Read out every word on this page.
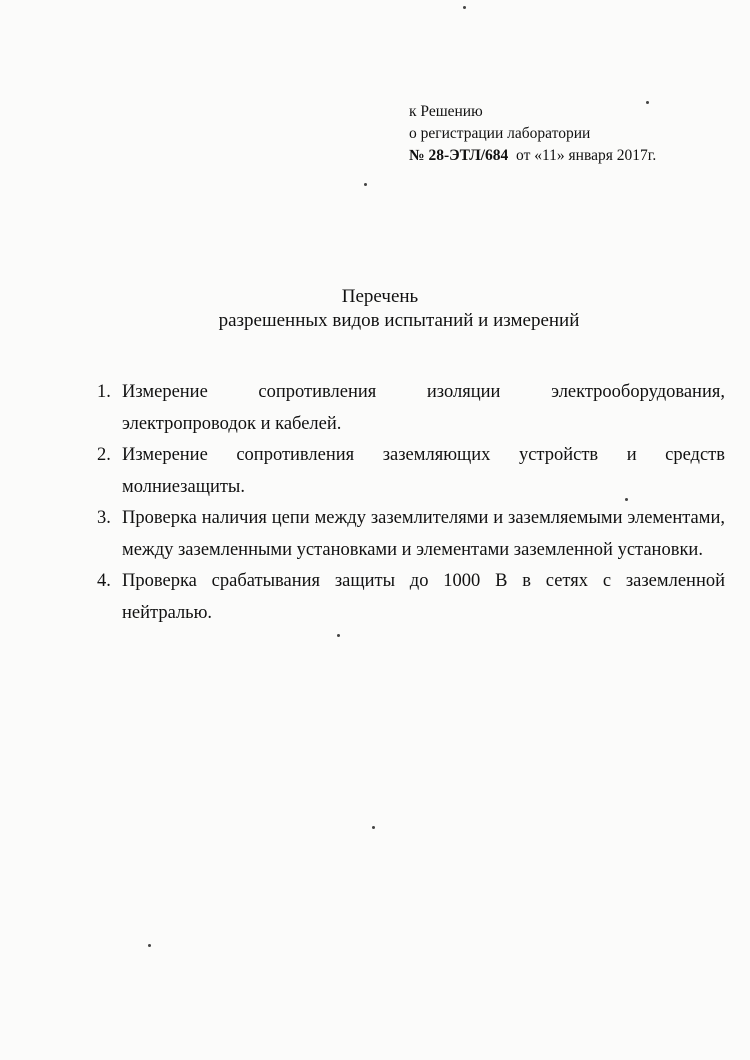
к Решению
о регистрации лаборатории
№ 28-ЭТЛ/684 от «11» января 2017г.
Перечень
разрешенных видов испытаний и измерений
1. Измерение сопротивления изоляции электрооборудования, электропроводок и кабелей.
2. Измерение сопротивления заземляющих устройств и средств молниезащиты.
3. Проверка наличия цепи между заземлителями и заземляемыми элементами, между заземленными установками и элементами заземленной установки.
4. Проверка срабатывания защиты до 1000 В в сетях с заземленной нейтралью.
